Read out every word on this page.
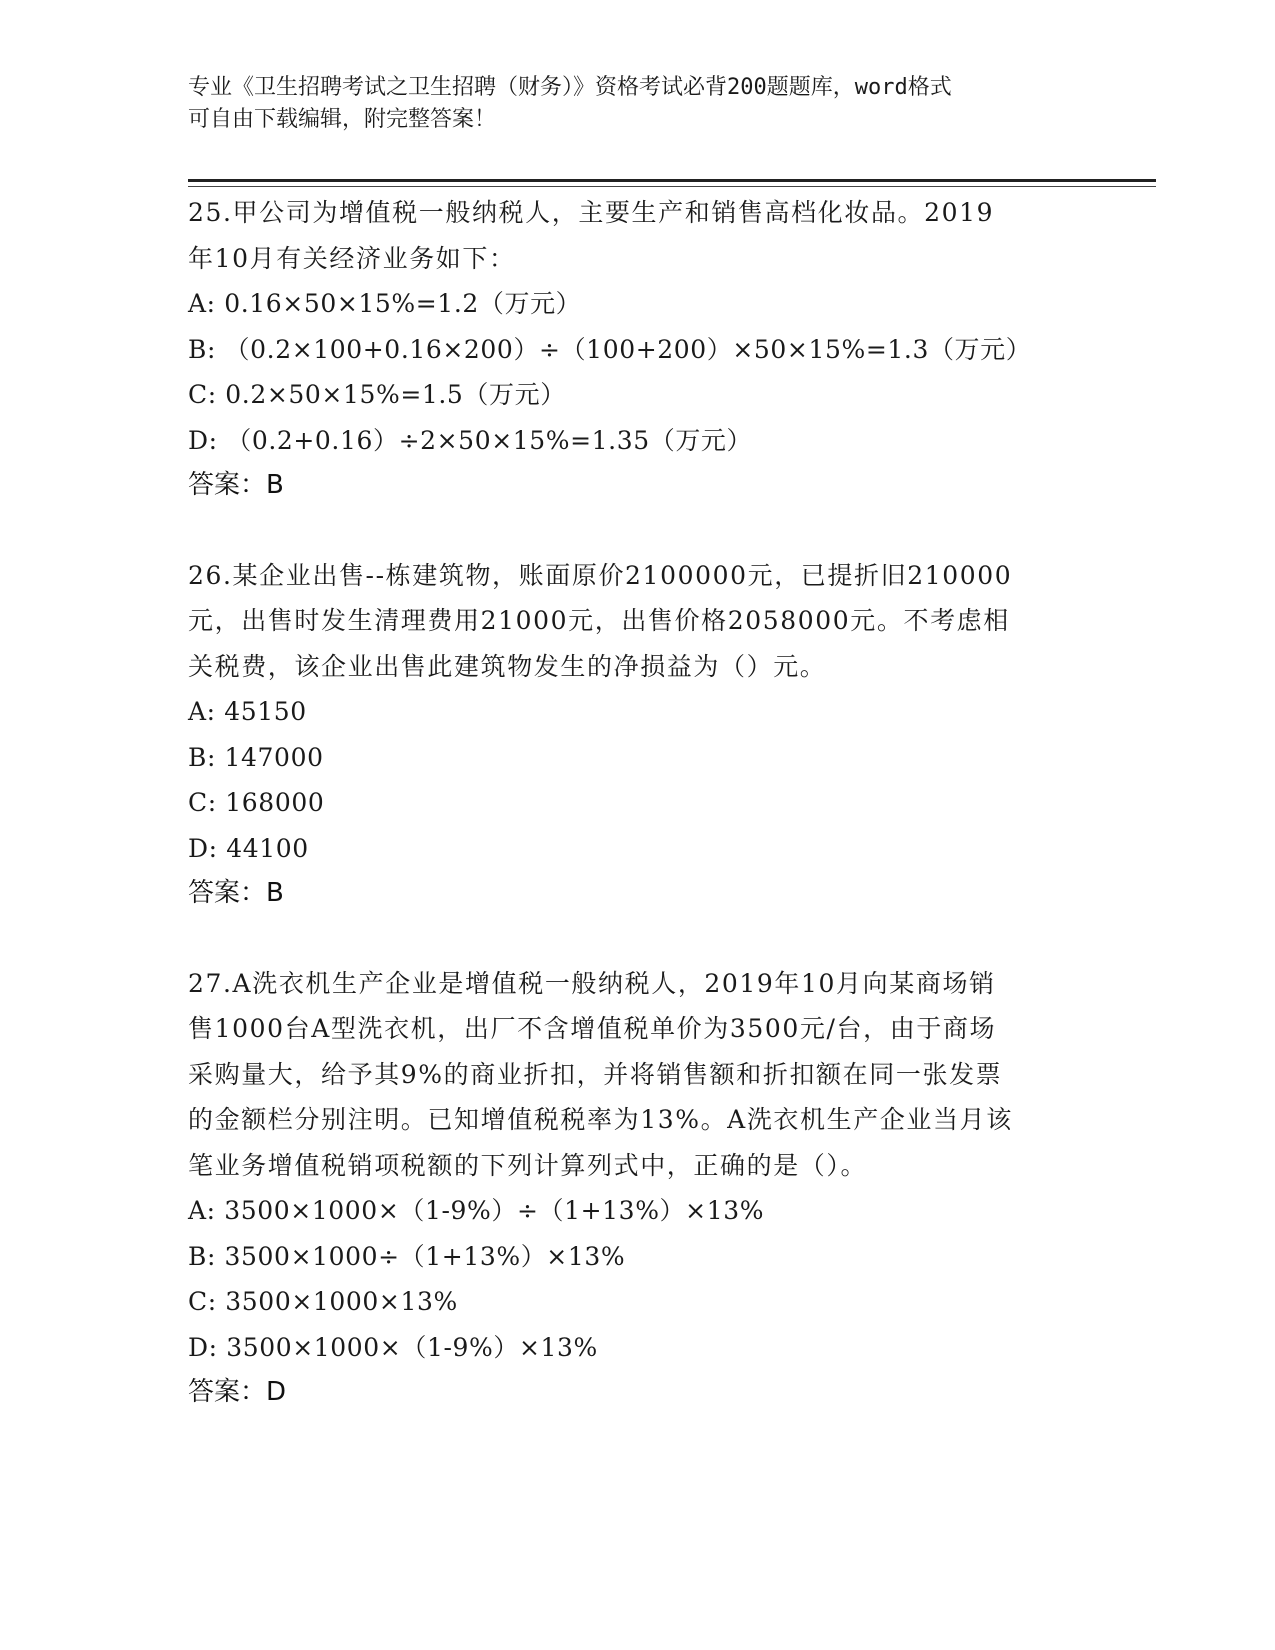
专业《卫生招聘考试之卫生招聘（财务）》资格考试必背200题题库，word格式
可自由下载编辑，附完整答案！
25.甲公司为增值税一般纳税人，主要生产和销售高档化妆品。2019
年10月有关经济业务如下：
A: 0.16×50×15%=1.2（万元）
B: （0.2×100+0.16×200）÷（100+200）×50×15%=1.3（万元）
C: 0.2×50×15%=1.5（万元）
D: （0.2+0.16）÷2×50×15%=1.35（万元）
答案：B
26.某企业出售--栋建筑物，账面原价2100000元，已提折旧210000
元，出售时发生清理费用21000元，出售价格2058000元。不考虑相
关税费，该企业出售此建筑物发生的净损益为（）元。
A: 45150
B: 147000
C: 168000
D: 44100
答案：B
27.A洗衣机生产企业是增值税一般纳税人，2019年10月向某商场销
售1000台A型洗衣机，出厂不含增值税单价为3500元/台，由于商场
采购量大，给予其9%的商业折扣，并将销售额和折扣额在同一张发票
的金额栏分别注明。已知增值税税率为13%。A洗衣机生产企业当月该
笔业务增值税销项税额的下列计算列式中，正确的是（）。
A: 3500×1000×（1-9%）÷（1+13%）×13%
B: 3500×1000÷（1+13%）×13%
C: 3500×1000×13%
D: 3500×1000×（1-9%）×13%
答案：D
